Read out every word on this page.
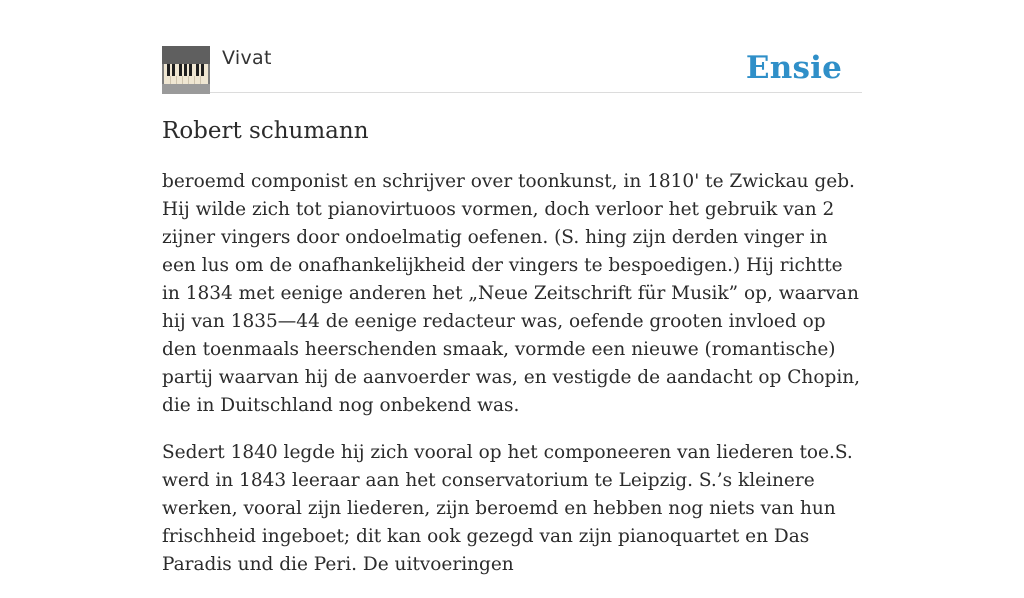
Vivat	Ensie
Robert schumann

beroemd componist en schrijver over toonkunst, in 1810' te Zwickau geb. Hij wilde zich tot pianovirtuoos vormen, doch verloor het gebruik van 2 zijner vingers door ondoelmatig oefenen. (S. hing zijn derden vinger in een lus om de onafhankelijkheid der vingers te bespoedigen.) Hij richtte in 1834 met eenige anderen het „Neue Zeitschrift für Musik” op, waarvan hij van 1835—44 de eenige redacteur was, oefende grooten invloed op den toenmaals heerschenden smaak, vormde een nieuwe (romantische) partij waarvan hij de aanvoerder was, en vestigde de aandacht op Chopin, die in Duitschland nog onbekend was.

Sedert 1840 legde hij zich vooral op het componeeren van liederen toe.S. werd in 1843 leeraar aan het conservatorium te Leipzig. S.’s kleinere werken, vooral zijn liederen, zijn beroemd en hebben nog niets van hun frischheid ingeboet; dit kan ook gezegd van zijn pianoquartet en Das Paradis und die Peri. De uitvoeringen
